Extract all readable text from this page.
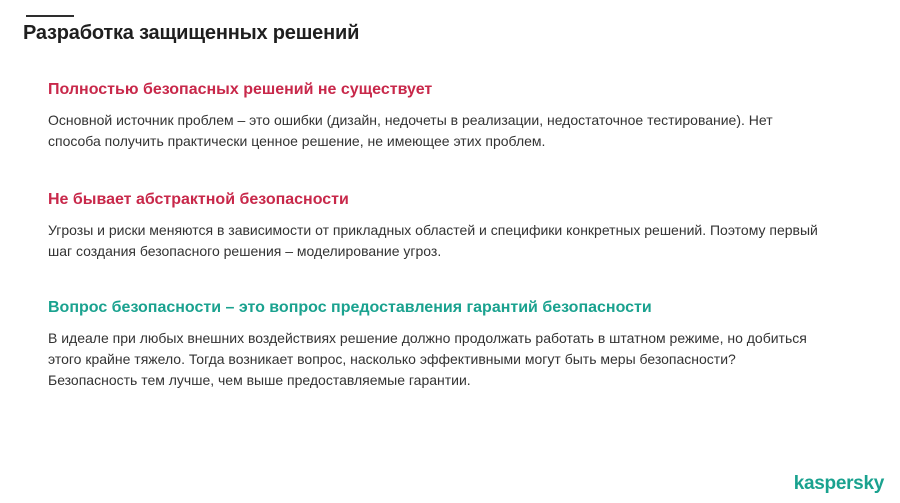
Разработка защищенных решений
Полностью безопасных решений не существует

Основной источник проблем – это ошибки (дизайн, недочеты в реализации, недостаточное тестирование). Нет способа получить практически ценное решение, не имеющее этих проблем.

Не бывает абстрактной безопасности

Угрозы и риски меняются в зависимости от прикладных областей и специфики конкретных решений. Поэтому первый шаг создания безопасного решения – моделирование угроз.

Вопрос безопасности – это вопрос предоставления гарантий безопасности

В идеале при любых внешних воздействиях решение должно продолжать работать в штатном режиме, но добиться этого крайне тяжело. Тогда возникает вопрос, насколько эффективными могут быть меры безопасности? Безопасность тем лучше, чем выше предоставляемые гарантии.

kaspersky
